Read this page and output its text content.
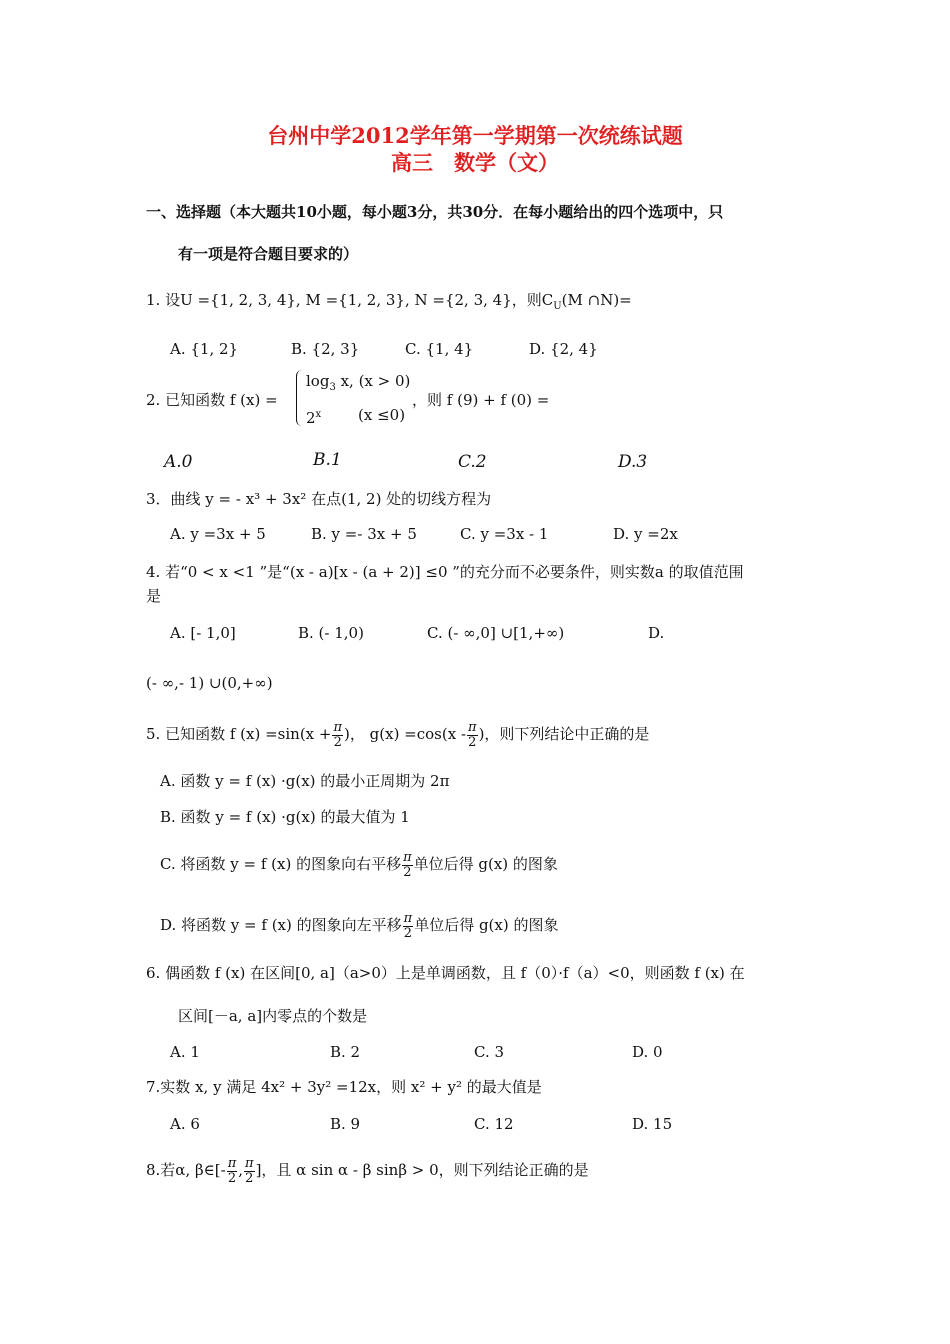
台州中学2012学年第一学期第一次统练试题
高三　数学（文）
一、选择题（本大题共10小题，每小题3分，共30分．在每小题给出的四个选项中，只
有一项是符合题目要求的）
1. 设U ={1, 2, 3, 4}, M ={1, 2, 3}, N ={2, 3, 4}，则$C_U(M$ ∩N)=
A. {1, 2}	B. {2, 3}	C. {1, 4}	D. {2, 4}
2. 已知函数 f (x) =
$\log_3 x$, (x > 0)
2$^x$ (x ≤0)
，则 f (9) + f (0) =
A.0	B.1	C.2	D.3
3．曲线 y = - x³ + 3x² 在点(1, 2) 处的切线方程为
A. y =3x + 5	B. y =- 3x + 5	C. y =3x - 1	D. y =2x
4. 若“0 < x <1 ”是“(x - a)[x - (a + 2)] ≤0 ”的充分而不必要条件，则实数a 的取值范围
是
A. [- 1,0]	B. (- 1,0)	C. (- ∞,0] ∪[1,+∞)	D.
(- ∞,- 1) ∪(0,+∞)
5. 已知函数 f $(x) =\sin(x + \frac{\pi}{2}$ )， $g(x) =\cos(x - \frac{\pi}{2}$ )，则下列结论中正确的是
A. 函数 y = f (x) ·g(x) 的最小正周期为 2π
B. 函数 y = f (x) ·g(x) 的最大值为 1
C. 将函数 y = f (x) 的图象向右平移 $\frac{\pi}{2}$ 单位后得 g(x) 的图象
D. 将函数 y = f (x) 的图象向左平移 $\frac{\pi}{2}$ 单位后得 g(x) 的图象
6. 偶函数 f (x) 在区间[0, a]（a>0）上是单调函数，且 f（0）·f（a）<0，则函数 f (x) 在
区间[－a, a]内零点的个数是
A. 1	B. 2	C. 3	D. 0
7.实数 x, y 满足 4x² + 3y² =12x，则 x² + y² 的最大值是
A. 6	B. 9	C. 12	D. 15
8.若α, β∈[- $\frac{\pi}{2}$ , $\frac{\pi}{2}$ ]，且 α sin α - β sinβ > 0，则下列结论正确的是
